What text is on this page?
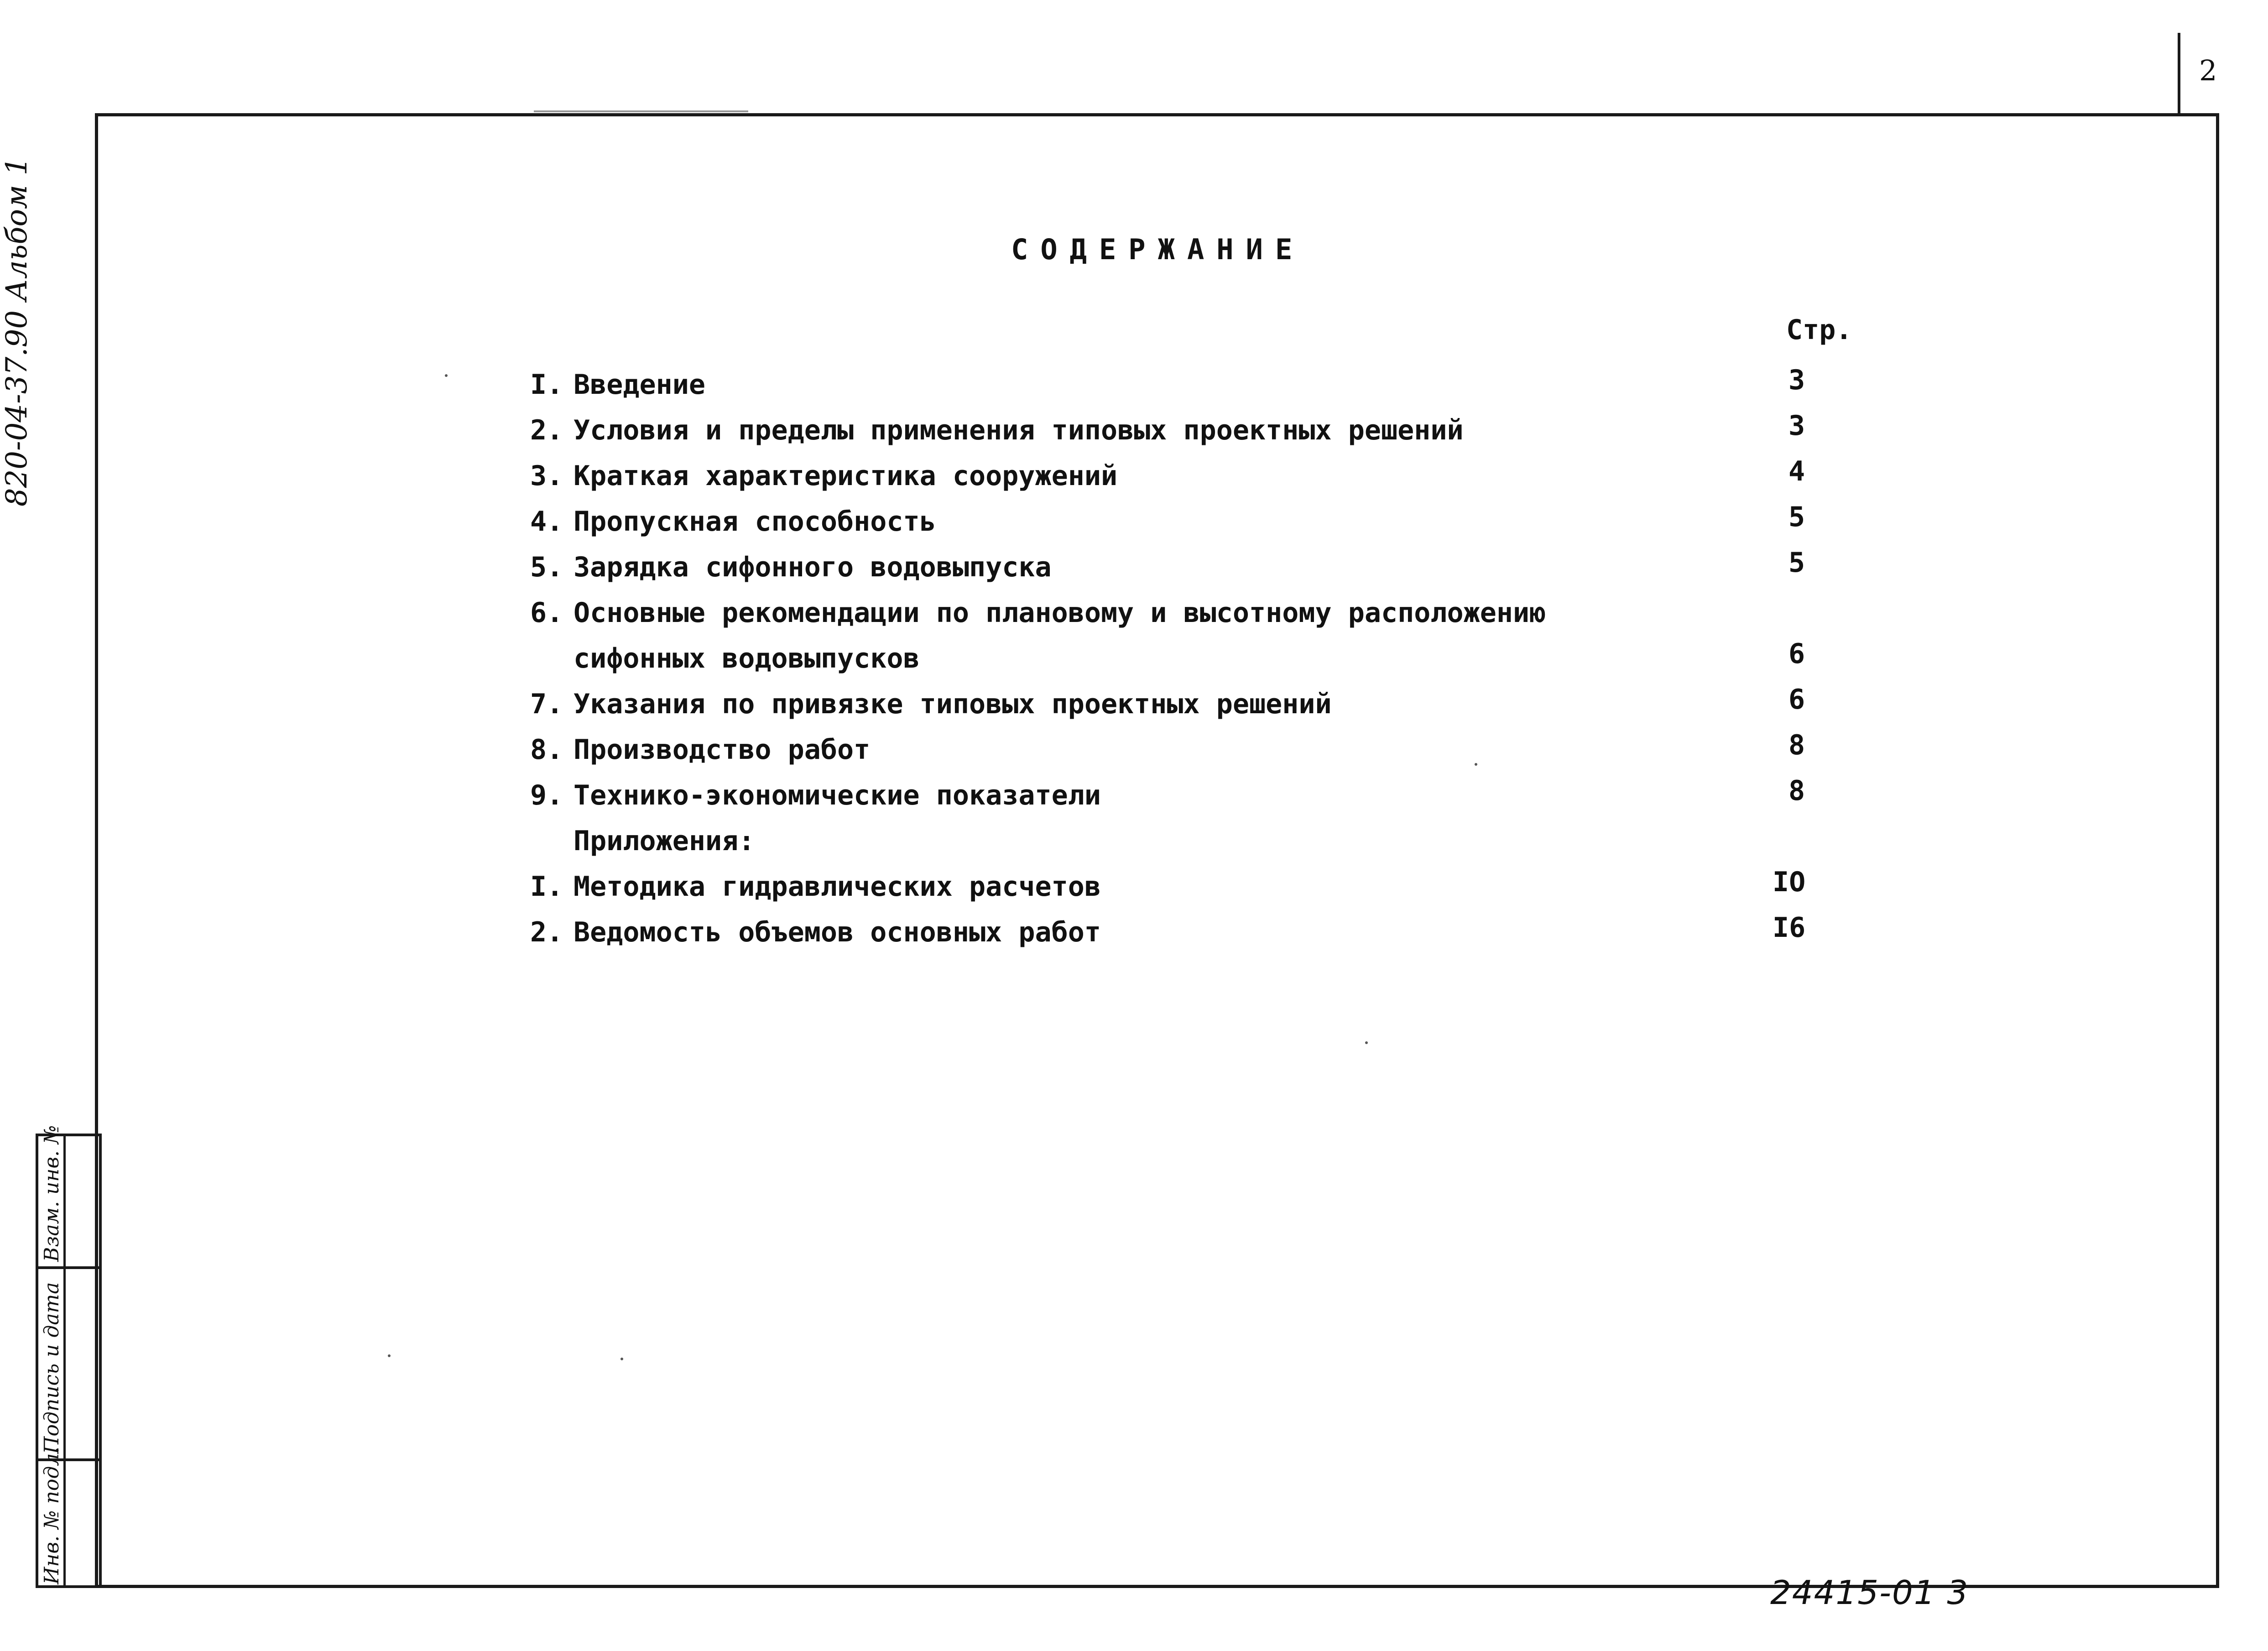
2
820-04-37.90 Альбом 1	СОДЕРЖАНИЕ
Стр.
I. Введение	3
2. Условия и пределы применения типовых проектных решений	3
3. Краткая характеристика сооружений	4
4. Пропускная способность	5
5. Зарядка сифонного водовыпуска	5
6. Основные рекомендации по плановому и высотному расположению
сифонных водовыпусков	6
7. Указания по привязке типовых проектных решений	6
8. Производство работ	8
9. Технико-экономические показатели	8
Приложения:
I. Методика гидравлических расчетов	IO
2. Ведомость объемов основных работ	I6
Взам. инв. №
Подпись и дата
Инв. № подл.
24415-01 3
